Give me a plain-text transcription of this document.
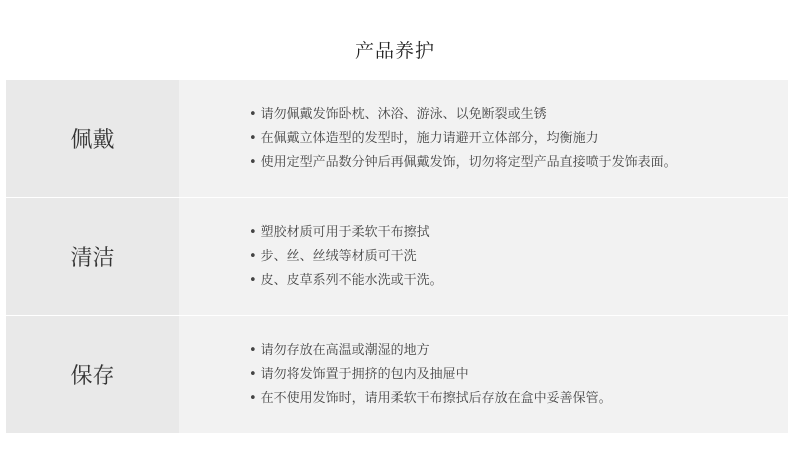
产品养护
佩戴
• 请勿佩戴发饰卧枕、沐浴、游泳、以免断裂或生锈
• 在佩戴立体造型的发型时，施力请避开立体部分，均衡施力
• 使用定型产品数分钟后再佩戴发饰，切勿将定型产品直接喷于发饰表面。
清洁
• 塑胶材质可用于柔软干布擦拭
• 步、丝、丝绒等材质可干洗
• 皮、皮草系列不能水洗或干洗。
保存
• 请勿存放在高温或潮湿的地方
• 请勿将发饰置于拥挤的包内及抽屉中
• 在不使用发饰时，请用柔软干布擦拭后存放在盒中妥善保管。
